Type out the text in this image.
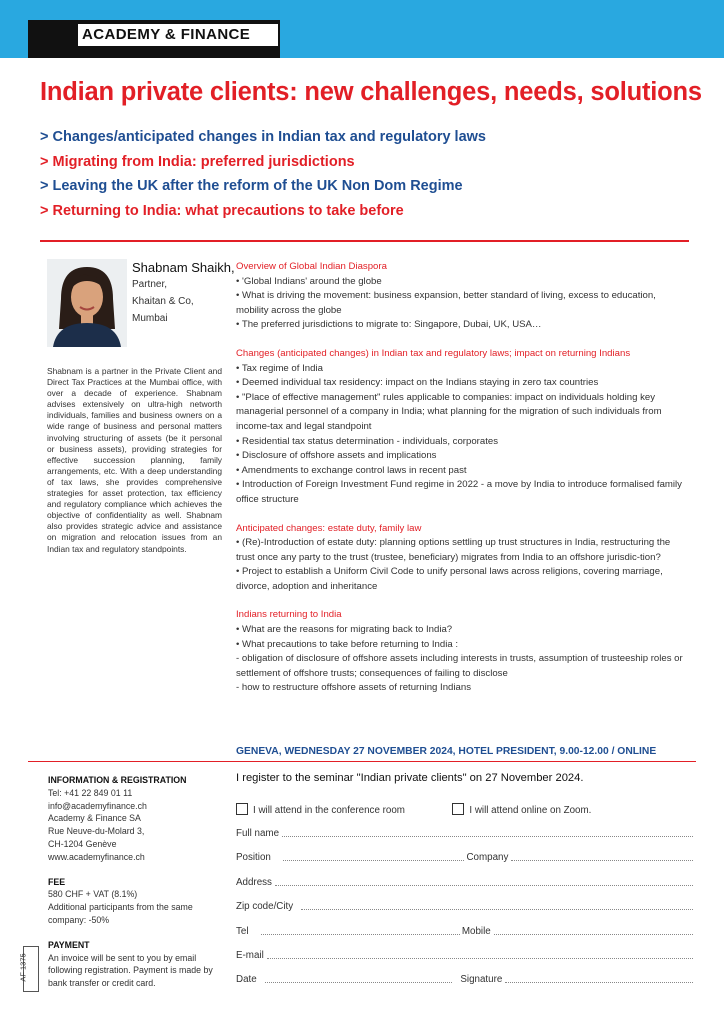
ACADEMY & FINANCE
Indian private clients: new challenges, needs, solutions
> Changes/anticipated changes in Indian tax and regulatory laws
> Migrating from India: preferred jurisdictions
> Leaving the UK after the reform of the UK Non Dom Regime
> Returning to India: what precautions to take before
Shabnam Shaikh,
Partner,
Khaitan & Co,
Mumbai
Shabnam is a partner in the Private Client and Direct Tax Practices at the Mumbai office, with over a decade of experience. Shabnam advises extensively on ultra-high networth individuals, families and business owners on a wide range of business and personal matters involving structuring of assets (be it personal or business assets), providing strategies for effective succession planning, family arrangements, etc. With a deep understanding of tax laws, she provides comprehensive strategies for asset protection, tax efficiency and regulatory compliance which achieves the objective of confidentiality as well. Shabnam also provides strategic advice and assistance on migration and relocation issues from an Indian tax and regulatory standpoints.
Overview of Global Indian Diaspora
• 'Global Indians' around the globe
• What is driving the movement: business expansion, better standard of living, excess to education, mobility across the globe
• The preferred jurisdictions to migrate to: Singapore, Dubai, UK, USA…
Changes (anticipated changes) in Indian tax and regulatory laws; impact on returning Indians
• Tax regime of India
• Deemed individual tax residency: impact on the Indians staying in zero tax countries
• "Place of effective management" rules applicable to companies: impact on individuals holding key managerial personnel of a company in India; what planning for the migration of such individuals from income-tax and legal standpoint
• Residential tax status determination - individuals, corporates
• Disclosure of offshore assets and implications
• Amendments to exchange control laws in recent past
• Introduction of Foreign Investment Fund regime in 2022 - a move by India to introduce formalised family office structure
Anticipated changes: estate duty, family law
• (Re)-Introduction of estate duty: planning options settling up trust structures in India, restructuring the trust once any party to the trust (trustee, beneficiary) migrates from India to an offshore jurisdic-tion?
• Project to establish a Uniform Civil Code to unify personal laws across religions, covering marriage, divorce, adoption and inheritance
Indians returning to India
• What are the reasons for migrating back to India?
• What precautions to take before returning to India :
- obligation of disclosure of offshore assets including interests in trusts, assumption of trusteeship roles or settlement of offshore trusts; consequences of failing to disclose
- how to restructure offshore assets of returning Indians
GENEVA, WEDNESDAY 27 NOVEMBER 2024, HOTEL PRESIDENT, 9.00-12.00 / ONLINE
INFORMATION & REGISTRATION
Tel: +41 22 849 01 11
info@academyfinance.ch
Academy & Finance SA
Rue Neuve-du-Molard 3,
CH-1204 Genève
www.academyfinance.ch
FEE
580 CHF + VAT (8.1%)
Additional participants from the same company: -50%
PAYMENT
An invoice will be sent to you by email following registration. Payment is made by bank transfer or credit card.
AF 1375
I register to the seminar "Indian private clients" on 27 November 2024.
I will attend in the conference room	I will attend online on Zoom.
Full name
Position	Company
Address
Zip code/City
Tel	Mobile
E-mail
Date	Signature
